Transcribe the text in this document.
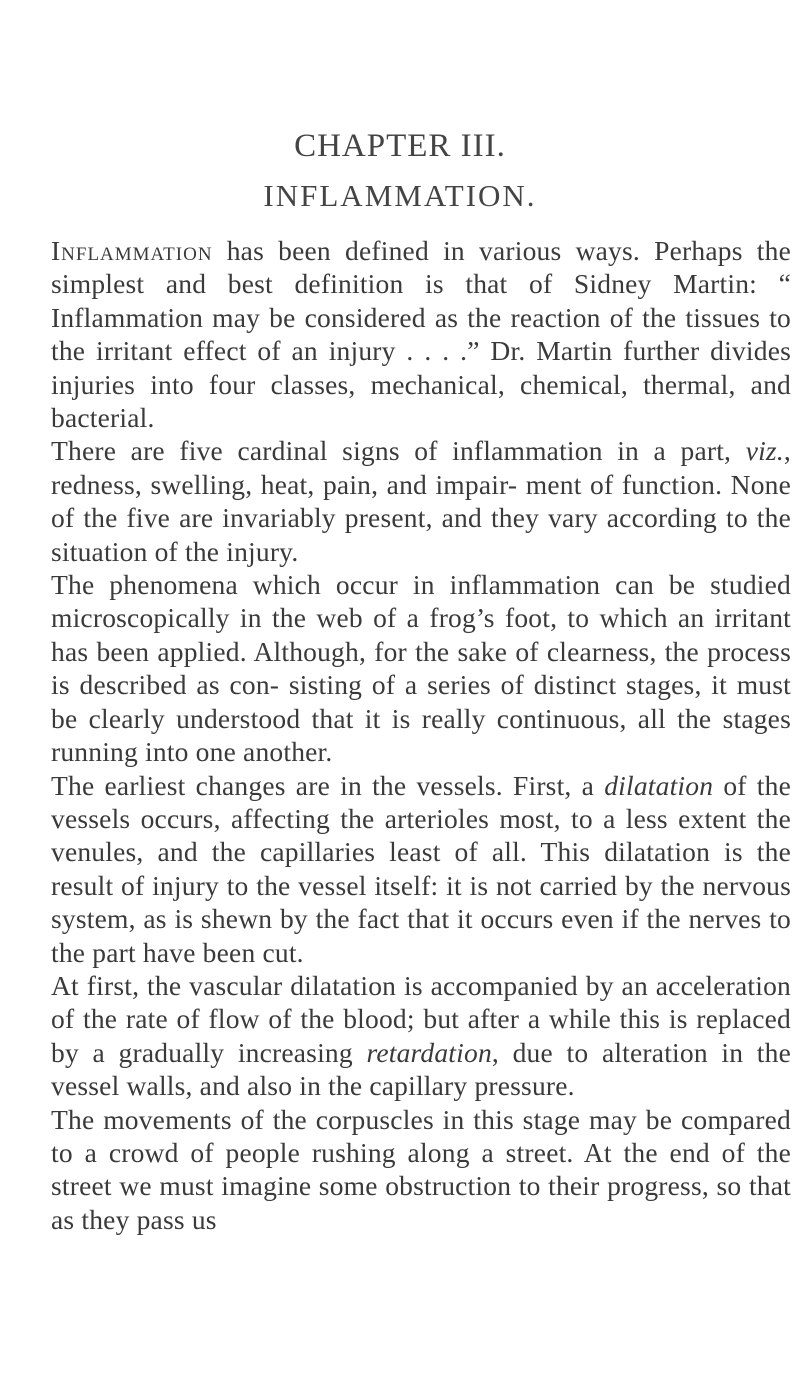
CHAPTER III.
INFLAMMATION.

Inflammation has been defined in various ways. Perhaps the simplest and best definition is that of Sidney Martin: “ Inflammation may be considered as the reaction of the tissues to the irritant effect of an injury . . . .” Dr. Martin further divides injuries into four classes, mechanical, chemical, thermal, and bacterial.

There are five cardinal signs of inflammation in a part, viz., redness, swelling, heat, pain, and impair- ment of function. None of the five are invariably present, and they vary according to the situation of the injury.

The phenomena which occur in inflammation can be studied microscopically in the web of a frog’s foot, to which an irritant has been applied. Although, for the sake of clearness, the process is described as con- sisting of a series of distinct stages, it must be clearly understood that it is really continuous, all the stages running into one another.

The earliest changes are in the vessels. First, a dilatation of the vessels occurs, affecting the arterioles most, to a less extent the venules, and the capillaries least of all. This dilatation is the result of injury to the vessel itself: it is not carried by the nervous system, as is shewn by the fact that it occurs even if the nerves to the part have been cut.

At first, the vascular dilatation is accompanied by an acceleration of the rate of flow of the blood; but after a while this is replaced by a gradually increasing retardation, due to alteration in the vessel walls, and also in the capillary pressure.

The movements of the corpuscles in this stage may be compared to a crowd of people rushing along a street. At the end of the street we must imagine some obstruction to their progress, so that as they pass us
